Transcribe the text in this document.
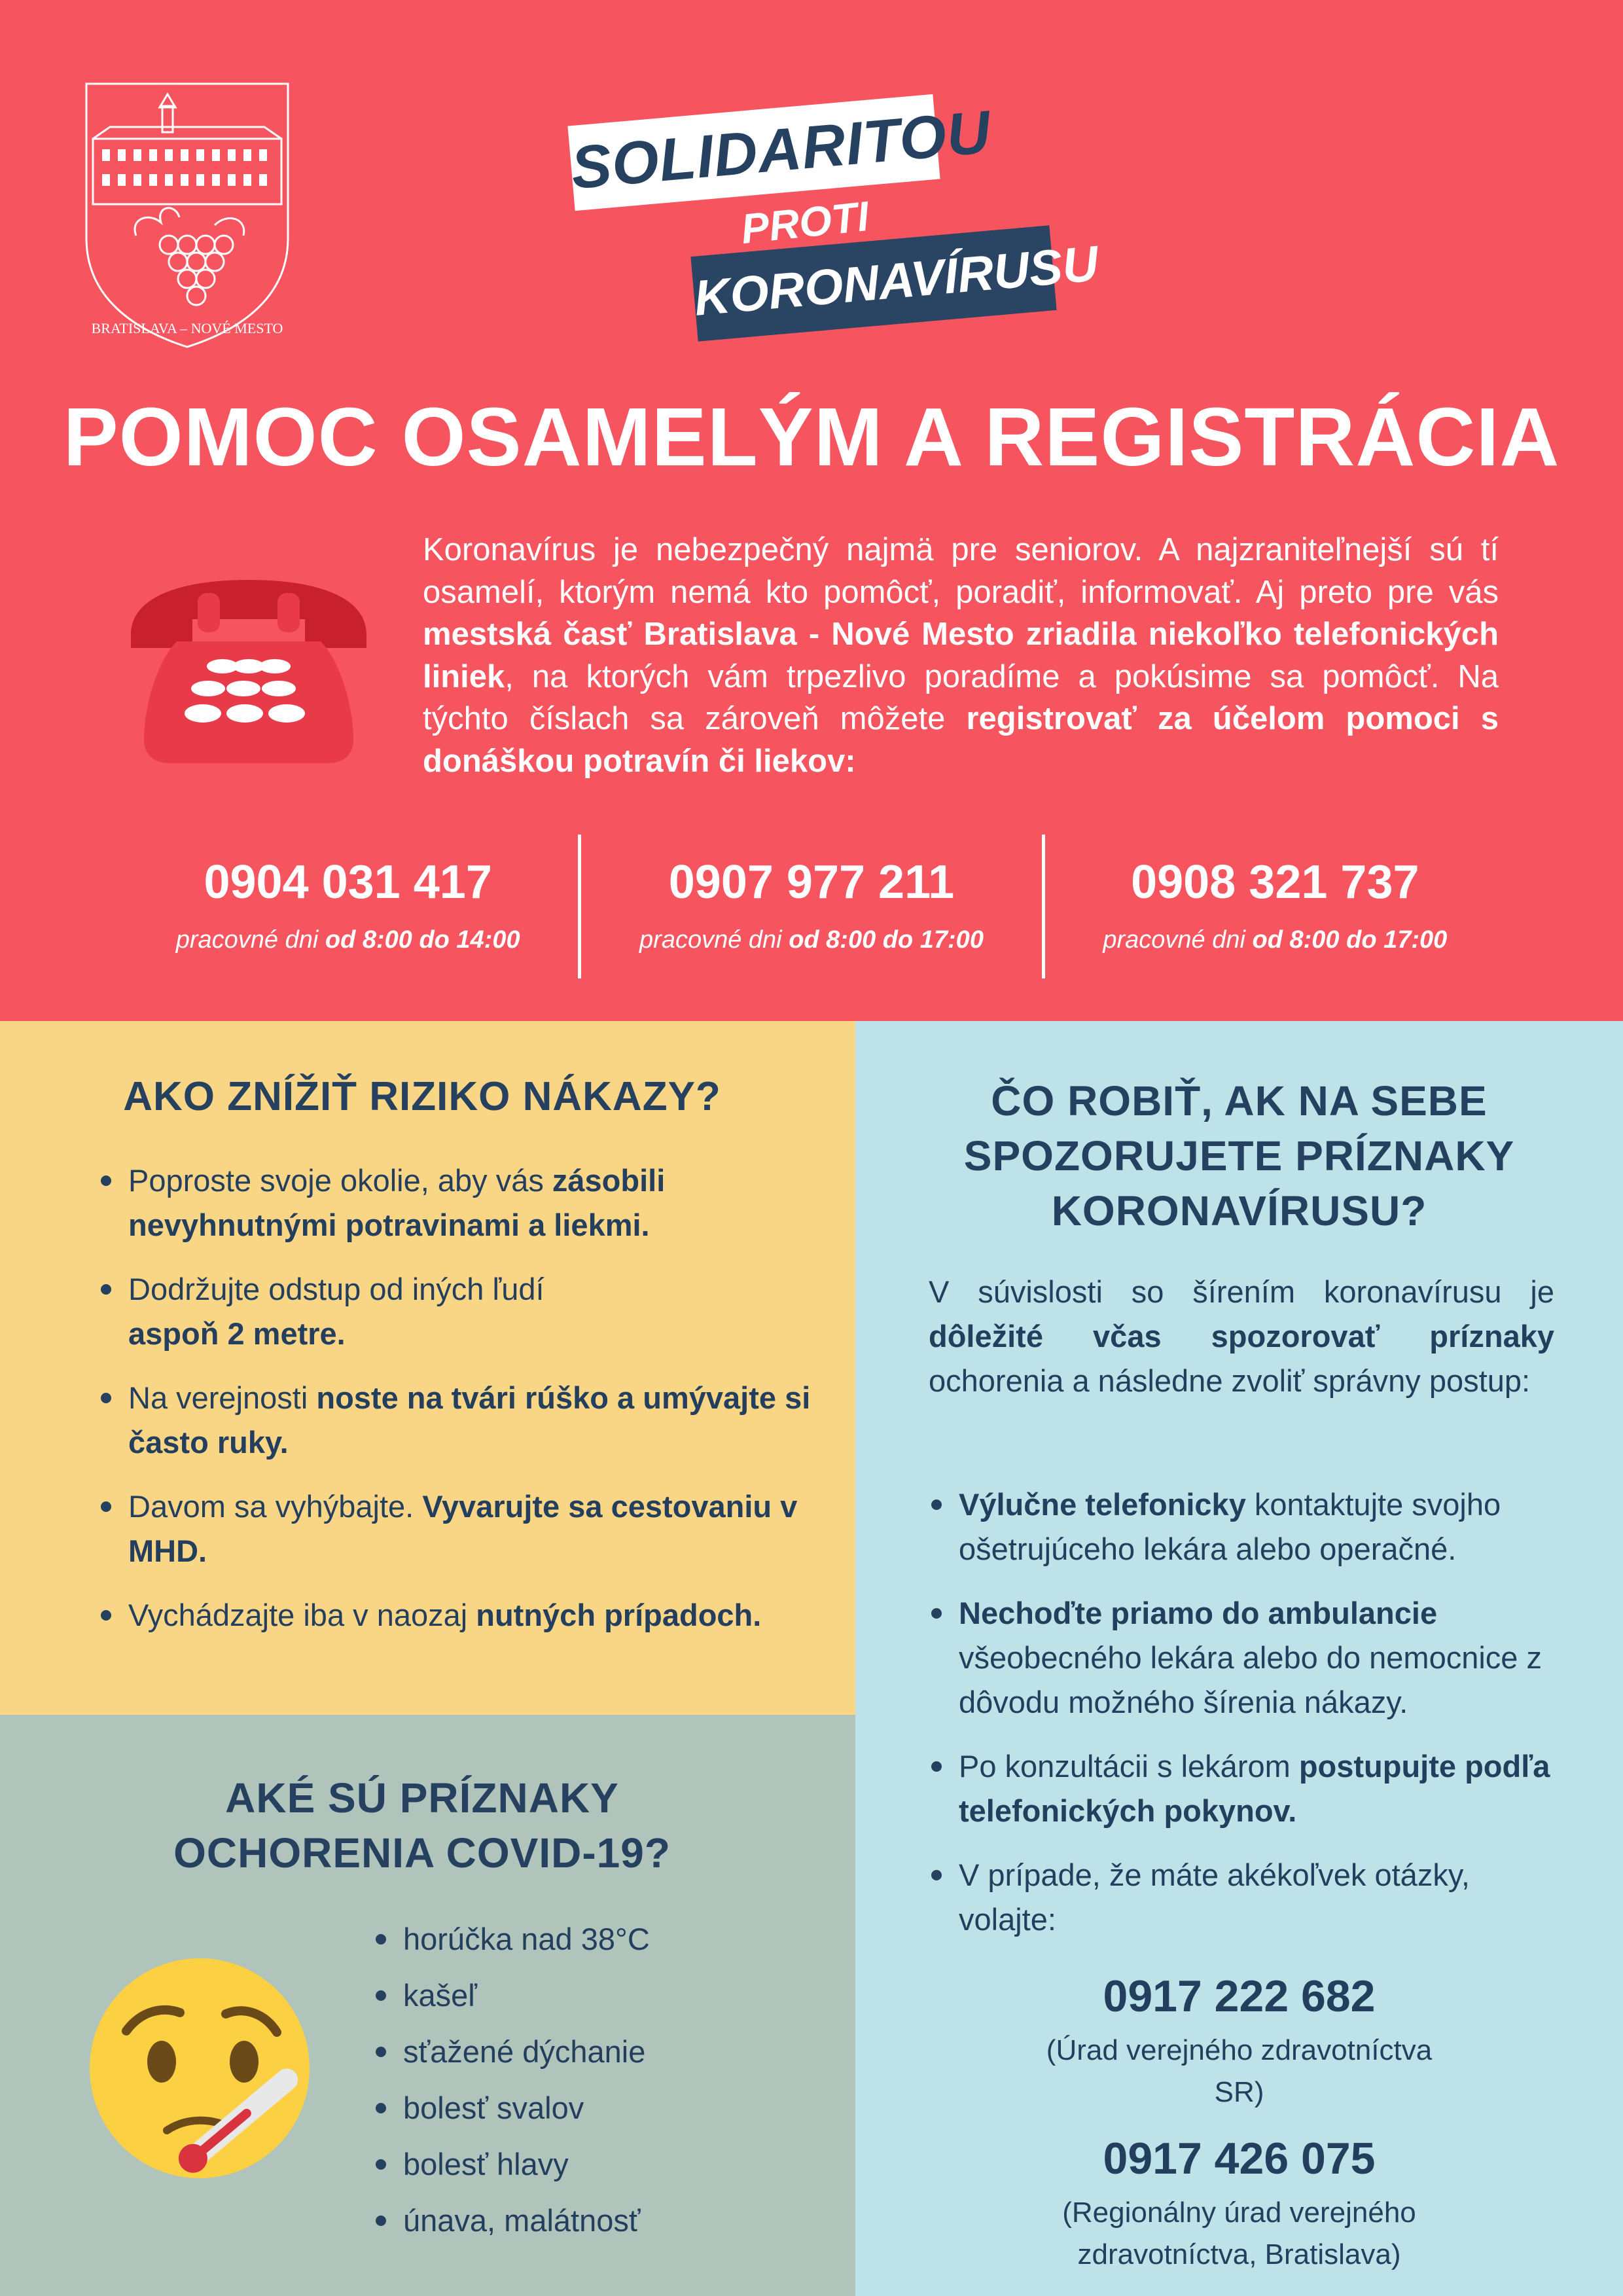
BRATISLAVA – NOVÉ MESTO
SOLIDARITOU
PROTI
KORONAVÍRUSU
POMOC OSAMELÝM A REGISTRÁCIA

Koronavírus je nebezpečný najmä pre seniorov. A najzraniteľnejší sú tí osamelí, ktorým nemá kto pomôcť, poradiť, informovať. Aj preto pre vás mestská časť Bratislava - Nové Mesto zriadila niekoľko telefonických liniek, na ktorých vám trpezlivo poradíme a pokúsime sa pomôcť. Na týchto číslach sa zároveň môžete registrovať za účelom pomoci s donáškou potravín či liekov:

0904 031 417
pracovné dni od 8:00 do 14:00
0907 977 211
pracovné dni od 8:00 do 17:00
0908 321 737
pracovné dni od 8:00 do 17:00
AKO ZNÍŽIŤ RIZIKO NÁKAZY?
Poproste svoje okolie, aby vás zásobili nevyhnutnými potravinami a liekmi.
Dodržujte odstup od iných ľudí
aspoň 2 metre.
Na verejnosti noste na tvári rúško a umývajte si často ruky.
Davom sa vyhýbajte. Vyvarujte sa cestovaniu v MHD.
Vychádzajte iba v naozaj nutných prípadoch.
AKÉ SÚ PRÍZNAKY
OCHORENIA COVID-19?
horúčka nad 38°C
kašeľ
sťažené dýchanie
bolesť svalov
bolesť hlavy
únava, malátnosť
ČO ROBIŤ, AK NA SEBE
SPOZORUJETE PRÍZNAKY
KORONAVÍRUSU?

V súvislosti so šírením koronavírusu je dôležité včas spozorovať príznaky ochorenia a následne zvoliť správny postup:

Výlučne telefonicky kontaktujte svojho ošetrujúceho lekára alebo operačné.
Nechoďte priamo do ambulancie všeobecného lekára alebo do nemocnice z dôvodu možného šírenia nákazy.
Po konzultácii s lekárom postupujte podľa telefonických pokynov.
V prípade, že máte akékoľvek otázky, volajte:
0917 222 682
(Úrad verejného zdravotníctva SR)
0917 426 075
(Regionálny úrad verejného zdravotníctva, Bratislava)
